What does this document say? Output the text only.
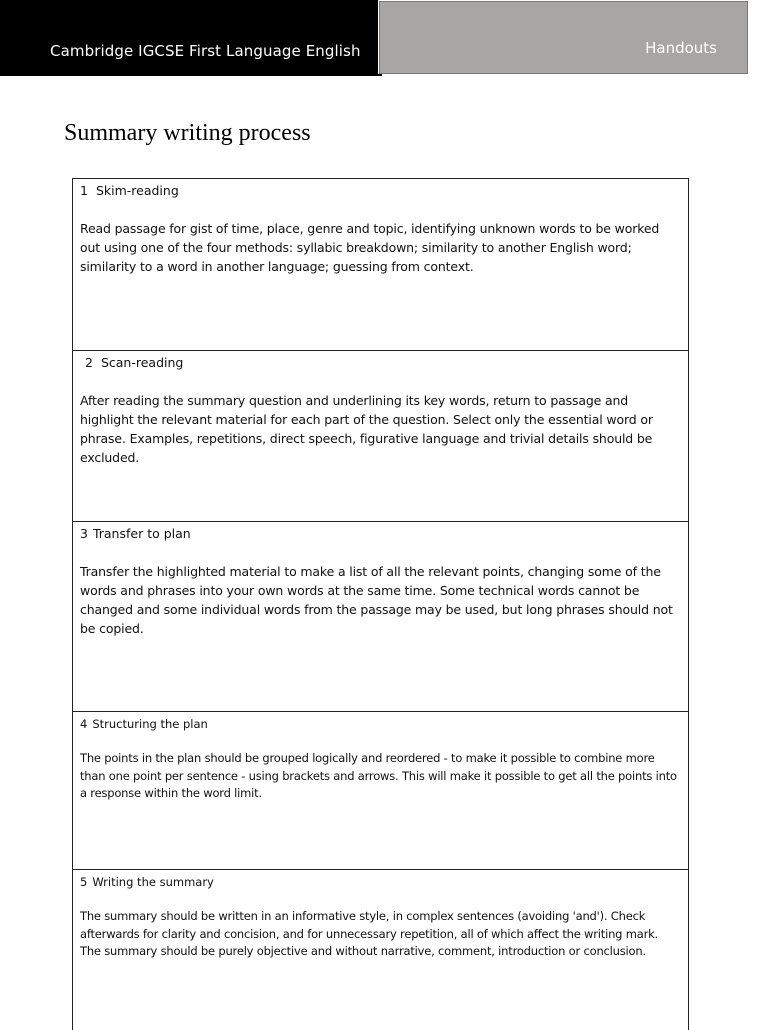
Cambridge IGCSE First Language English	Handouts
Summary writing process
1 Skim-reading
Read passage for gist of time, place, genre and topic, identifying unknown words to be worked out using one of the four methods: syllabic breakdown; similarity to another English word; similarity to a word in another language; guessing from context.
2 Scan-reading
After reading the summary question and underlining its key words, return to passage and highlight the relevant material for each part of the question. Select only the essential word or phrase. Examples, repetitions, direct speech, figurative language and trivial details should be excluded.
3 Transfer to plan
Transfer the highlighted material to make a list of all the relevant points, changing some of the words and phrases into your own words at the same time. Some technical words cannot be changed and some individual words from the passage may be used, but long phrases should not be copied.
4 Structuring the plan
The points in the plan should be grouped logically and reordered - to make it possible to combine more than one point per sentence - using brackets and arrows. This will make it possible to get all the points into a response within the word limit.
5 Writing the summary
The summary should be written in an informative style, in complex sentences (avoiding 'and'). Check afterwards for clarity and concision, and for unnecessary repetition, all of which affect the writing mark. The summary should be purely objective and without narrative, comment, introduction or conclusion.
